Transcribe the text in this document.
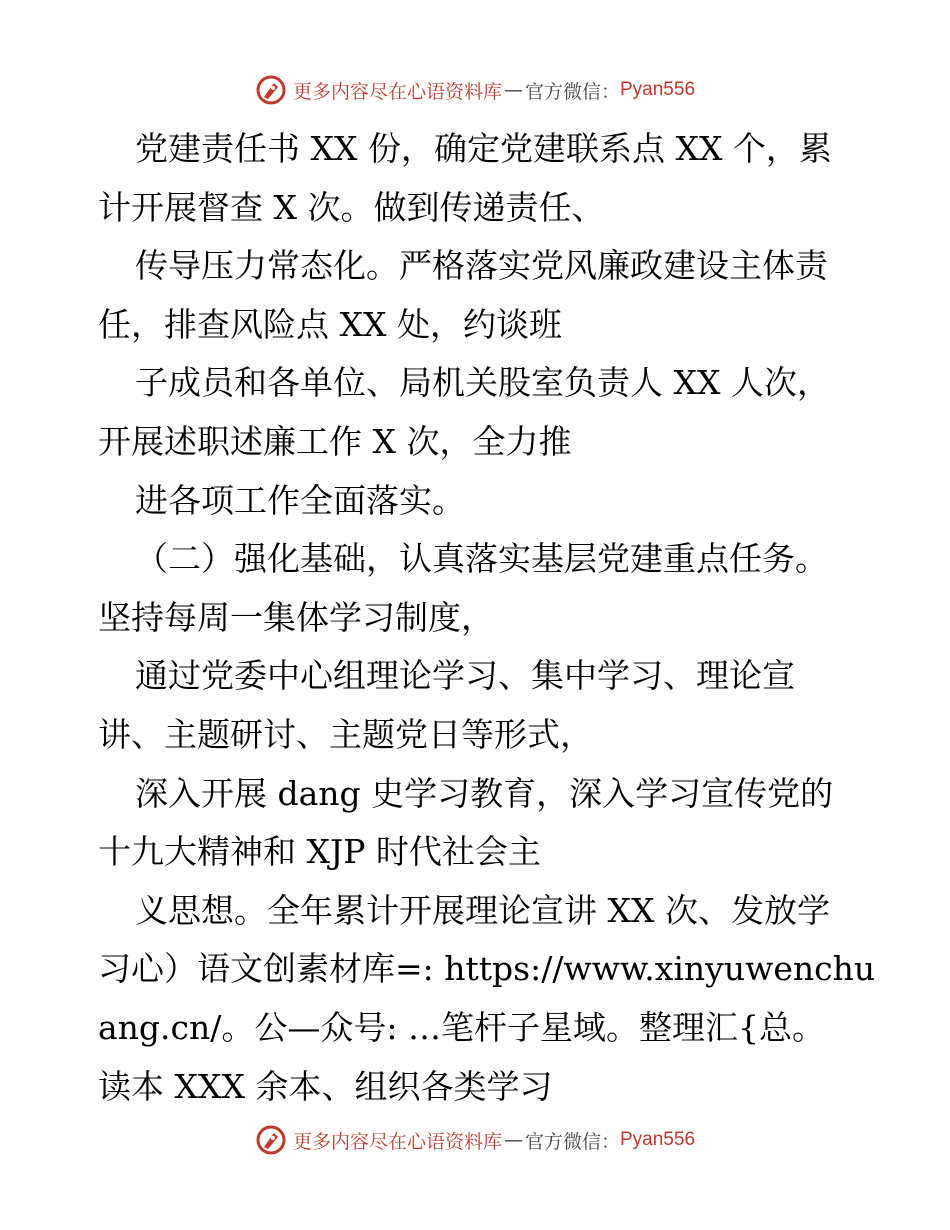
更多内容尽在心语资料库 — 官方微信： Pyan556
党建责任书 XX 份，确定党建联系点 XX 个，累
计开展督查 X 次。做到传递责任、
传导压力常态化。严格落实党风廉政建设主体责
任，排查风险点 XX 处，约谈班
子成员和各单位、局机关股室负责人 XX 人次，
开展述职述廉工作 X 次，全力推
进各项工作全面落实。
（二）强化基础，认真落实基层党建重点任务。
坚持每周一集体学习制度，
通过党委中心组理论学习、集中学习、理论宣
讲、主题研讨、主题党日等形式，
深入开展 dang 史学习教育，深入学习宣传党的
十九大精神和 XJP 时代社会主
义思想。全年累计开展理论宣讲 XX 次、发放学
习心）语文创素材库=: https://www.xinyuwenchu
ang.cn/。公—众号: …笔杆子星域。整理汇{总。
读本 XXX 余本、组织各类学习
更多内容尽在心语资料库 — 官方微信： Pyan556
